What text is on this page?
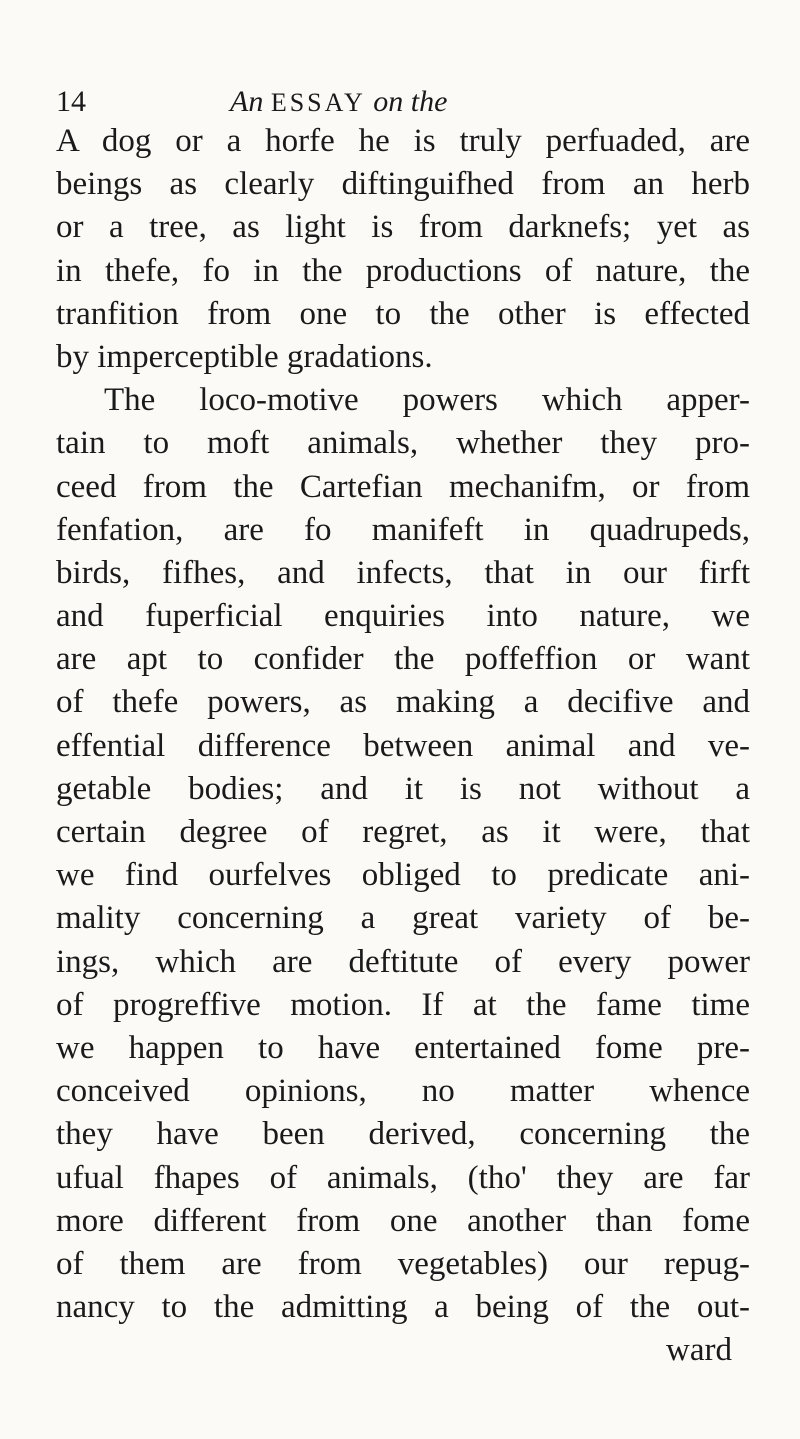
14	An ESSAY on the
A dog or a horfe he is truly perfuaded, are
beings as clearly diftinguifhed from an herb
or a tree, as light is from darknefs; yet as
in thefe, fo in the productions of nature, the
tranfition from one to the other is effected
by imperceptible gradations.
The loco-motive powers which apper-
tain to moft animals, whether they pro-
ceed from the Cartefian mechanifm, or from
fenfation, are fo manifeft in quadrupeds,
birds, fifhes, and infects, that in our firft
and fuperficial enquiries into nature, we
are apt to confider the poffeffion or want
of thefe powers, as making a decifive and
effential difference between animal and ve-
getable bodies; and it is not without a
certain degree of regret, as it were, that
we find ourfelves obliged to predicate ani-
mality concerning a great variety of be-
ings, which are deftitute of every power
of progreffive motion. If at the fame time
we happen to have entertained fome pre-
conceived opinions, no matter whence
they have been derived, concerning the
ufual fhapes of animals, (tho' they are far
more different from one another than fome
of them are from vegetables) our repug-
nancy to the admitting a being of the out-
ward
